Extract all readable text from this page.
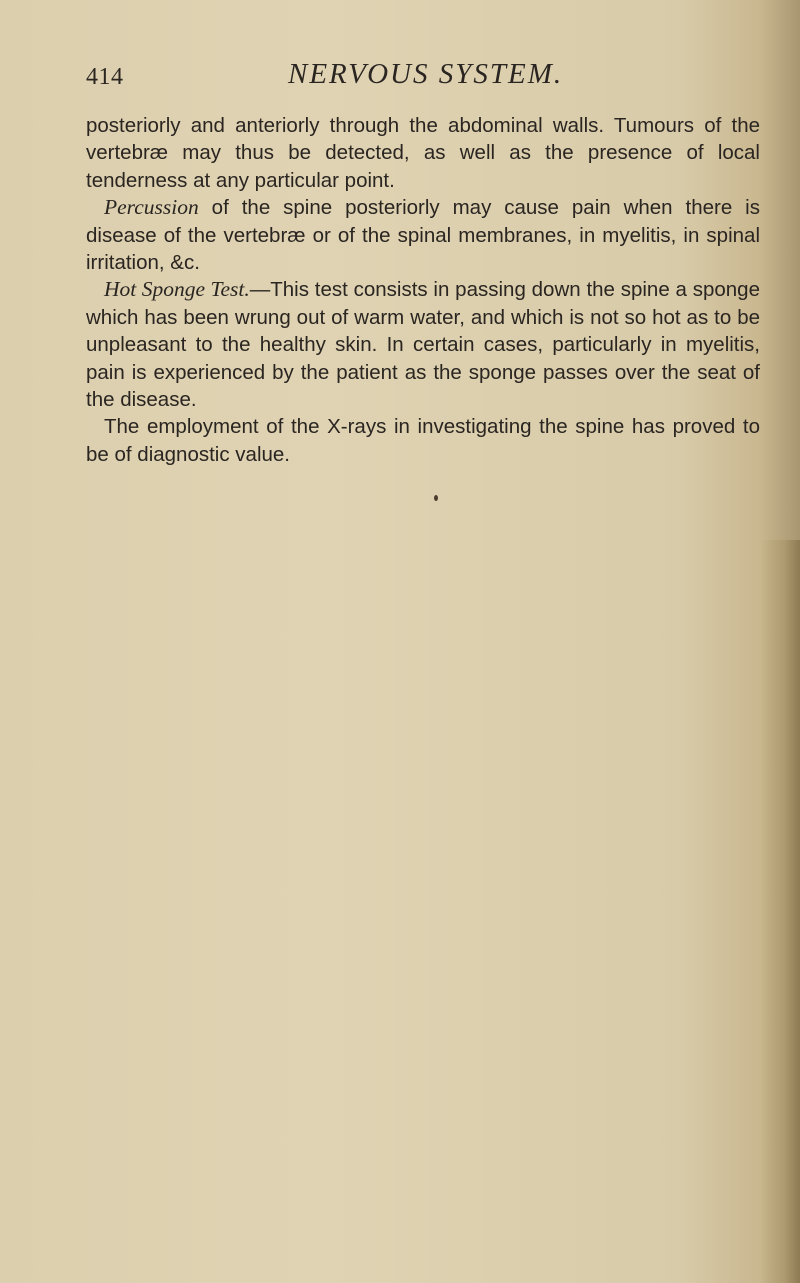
414	NERVOUS SYSTEM.

posteriorly and anteriorly through the abdominal walls. Tumours of the vertebræ may thus be detected, as well as the presence of local tenderness at any particular point.

Percussion of the spine posteriorly may cause pain when there is disease of the vertebræ or of the spinal membranes, in myelitis, in spinal irritation, &c.

Hot Sponge Test.—This test consists in passing down the spine a sponge which has been wrung out of warm water, and which is not so hot as to be unpleasant to the healthy skin. In certain cases, particularly in myelitis, pain is experienced by the patient as the sponge passes over the seat of the disease.

The employment of the X-rays in investigating the spine has proved to be of diagnostic value.
